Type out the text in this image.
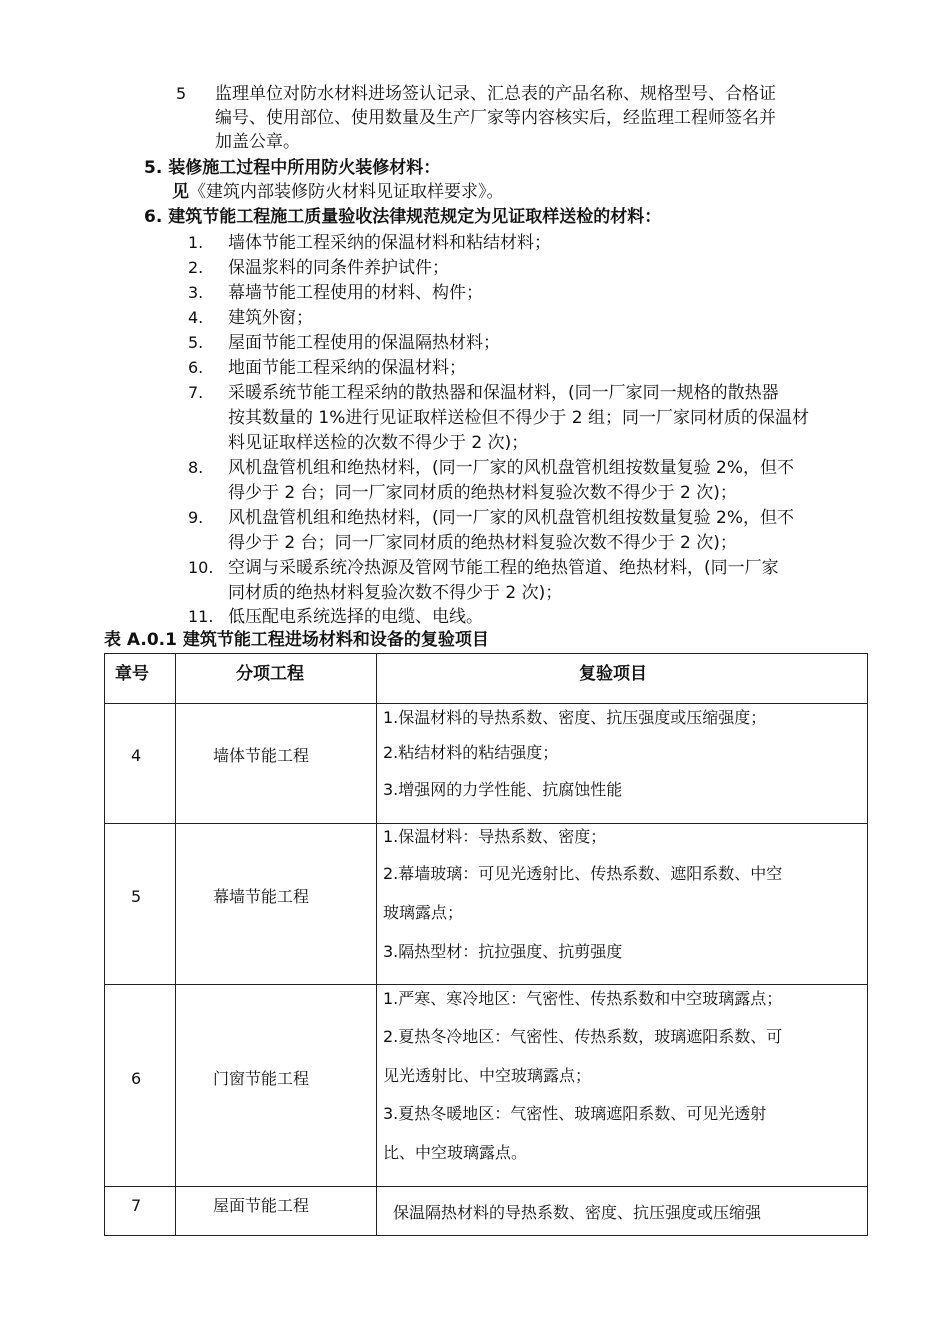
5 监理单位对防水材料进场签认记录、汇总表的产品名称、规格型号、合格证
编号、使用部位、使用数量及生产厂家等内容核实后，经监理工程师签名并
加盖公章。
5. 装修施工过程中所用防火装修材料：
见《建筑内部装修防火材料见证取样要求》。
6. 建筑节能工程施工质量验收法律规范规定为见证取样送检的材料：
1. 墙体节能工程采纳的保温材料和粘结材料；
2. 保温浆料的同条件养护试件；
3. 幕墙节能工程使用的材料、构件；
4. 建筑外窗；
5. 屋面节能工程使用的保温隔热材料；
6. 地面节能工程采纳的保温材料；
7. 采暖系统节能工程采纳的散热器和保温材料，(同一厂家同一规格的散热器
按其数量的 1%进行见证取样送检但不得少于 2 组；同一厂家同材质的保温材
料见证取样送检的次数不得少于 2 次)；
8. 风机盘管机组和绝热材料，(同一厂家的风机盘管机组按数量复验 2%，但不
得少于 2 台；同一厂家同材质的绝热材料复验次数不得少于 2 次)；
9. 风机盘管机组和绝热材料，(同一厂家的风机盘管机组按数量复验 2%，但不
得少于 2 台；同一厂家同材质的绝热材料复验次数不得少于 2 次)；
10. 空调与采暖系统冷热源及管网节能工程的绝热管道、绝热材料，(同一厂家
同材质的绝热材料复验次数不得少于 2 次)；
11. 低压配电系统选择的电缆、电线。
表 A.0.1 建筑节能工程进场材料和设备的复验项目
章号	分项工程	复验项目
4	墙体节能工程
1.保温材料的导热系数、密度、抗压强度或压缩强度；
2.粘结材料的粘结强度；
3.增强网的力学性能、抗腐蚀性能
5	幕墙节能工程
1.保温材料：导热系数、密度；
2.幕墙玻璃：可见光透射比、传热系数、遮阳系数、中空
玻璃露点；
3.隔热型材：抗拉强度、抗剪强度
6	门窗节能工程
1.严寒、寒冷地区：气密性、传热系数和中空玻璃露点；
2.夏热冬冷地区：气密性、传热系数，玻璃遮阳系数、可
见光透射比、中空玻璃露点；
3.夏热冬暖地区：气密性、玻璃遮阳系数、可见光透射
比、中空玻璃露点。
7	屋面节能工程	保温隔热材料的导热系数、密度、抗压强度或压缩强
